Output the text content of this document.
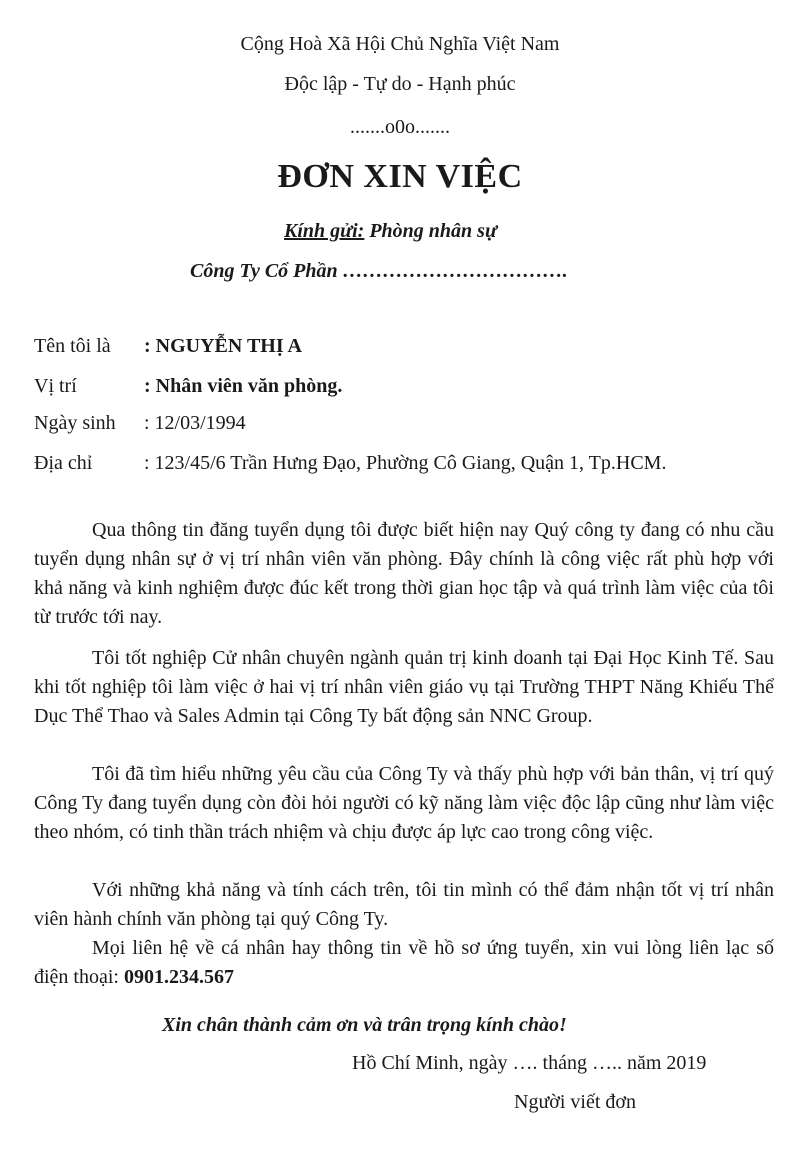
Cộng Hoà Xã Hội Chủ Nghĩa Việt Nam
Độc lập - Tự do - Hạnh phúc
.......o0o.......
ĐƠN XIN VIỆC
Kính gửi: Phòng nhân sự
Công Ty Cổ Phần …………………………….
Tên tôi là : NGUYỄN THỊ A
Vị trí	: Nhân viên văn phòng.
Ngày sinh : 12/03/1994
Địa chỉ	: 123/45/6 Trần Hưng Đạo, Phường Cô Giang, Quận 1, Tp.HCM.
Qua thông tin đăng tuyển dụng tôi được biết hiện nay Quý công ty đang có nhu cầu tuyển dụng nhân sự ở vị trí nhân viên văn phòng. Đây chính là công việc rất phù hợp với khả năng và kinh nghiệm được đúc kết trong thời gian học tập và quá trình làm việc của tôi từ trước tới nay.
Tôi tốt nghiệp Cử nhân chuyên ngành quản trị kinh doanh tại Đại Học Kinh Tế. Sau khi tốt nghiệp tôi làm việc ở hai vị trí nhân viên giáo vụ tại Trường THPT Năng Khiếu Thể Dục Thể Thao và Sales Admin tại Công Ty bất động sản NNC Group.
Tôi đã tìm hiểu những yêu cầu của Công Ty và thấy phù hợp với bản thân, vị trí quý Công Ty đang tuyển dụng còn đòi hỏi người có kỹ năng làm việc độc lập cũng như làm việc theo nhóm, có tinh thần trách nhiệm và chịu được áp lực cao trong công việc.
Với những khả năng và tính cách trên, tôi tin mình có thể đảm nhận tốt vị trí nhân viên hành chính văn phòng tại quý Công Ty.
Mọi liên hệ về cá nhân hay thông tin về hồ sơ ứng tuyển, xin vui lòng liên lạc số điện thoại: 0901.234.567
Xin chân thành cảm ơn và trân trọng kính chào!
Hồ Chí Minh, ngày …. tháng ….. năm 2019
Người viết đơn
